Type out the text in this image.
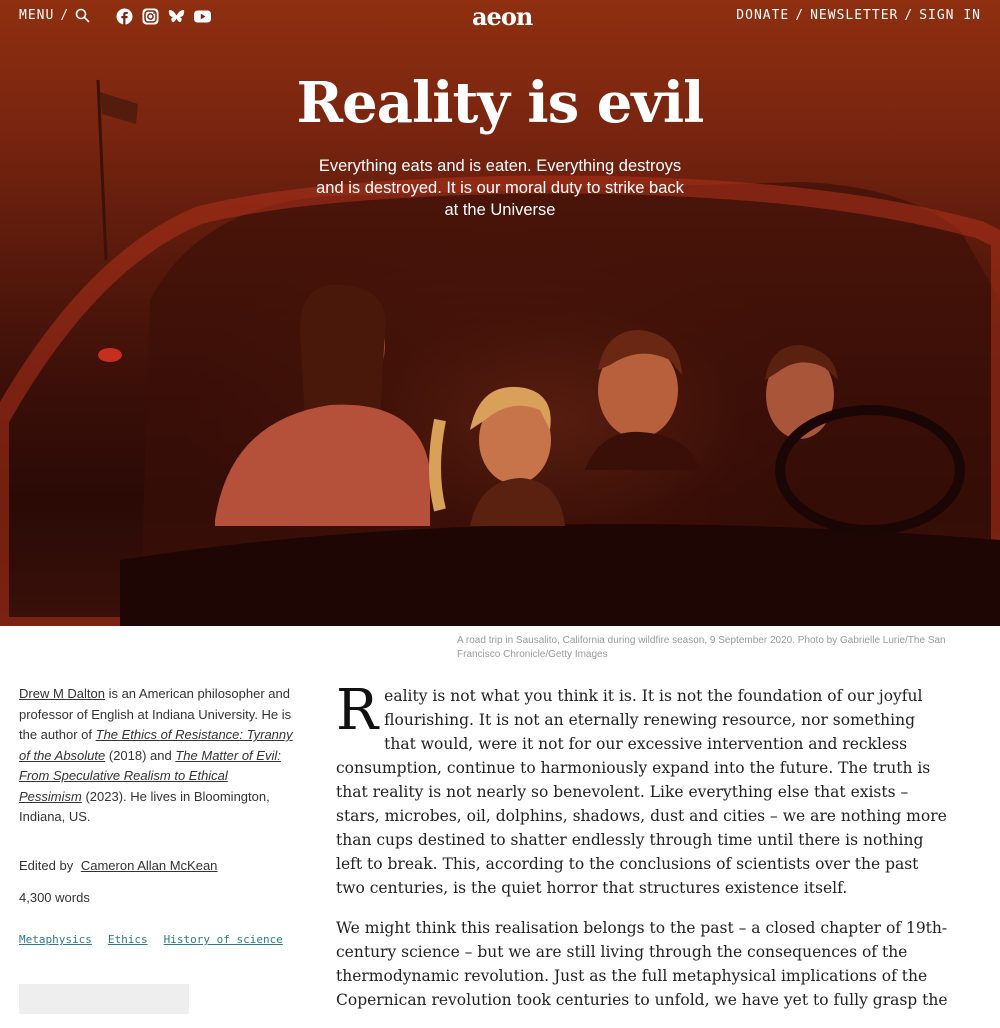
MENU /	aeon	DONATE / NEWSLETTER / SIGN IN
Reality is evil
Everything eats and is eaten. Everything destroys and is destroyed. It is our moral duty to strike back at the Universe
A road trip in Sausalito, California during wildfire season, 9 September 2020. Photo by Gabrielle Lurie/The San Francisco Chronicle/Getty Images
Drew M Dalton is an American philosopher and professor of English at Indiana University. He is the author of The Ethics of Resistance: Tyranny of the Absolute (2018) and The Matter of Evil: From Speculative Realism to Ethical Pessimism (2023). He lives in Bloomington, Indiana, US.
Edited by Cameron Allan McKean
4,300 words
Metaphysics Ethics History of science

Reality is not what you think it is. It is not the foundation of our joyful flourishing. It is not an eternally renewing resource, nor something that would, were it not for our excessive intervention and reckless consumption, continue to harmoniously expand into the future. The truth is that reality is not nearly so benevolent. Like everything else that exists – stars, microbes, oil, dolphins, shadows, dust and cities – we are nothing more than cups destined to shatter endlessly through time until there is nothing left to break. This, according to the conclusions of scientists over the past two centuries, is the quiet horror that structures existence itself.

We might think this realisation belongs to the past – a closed chapter of 19th-century science – but we are still living through the consequences of the thermodynamic revolution. Just as the full metaphysical implications of the Copernican revolution took centuries to unfold, we have yet to fully grasp the
